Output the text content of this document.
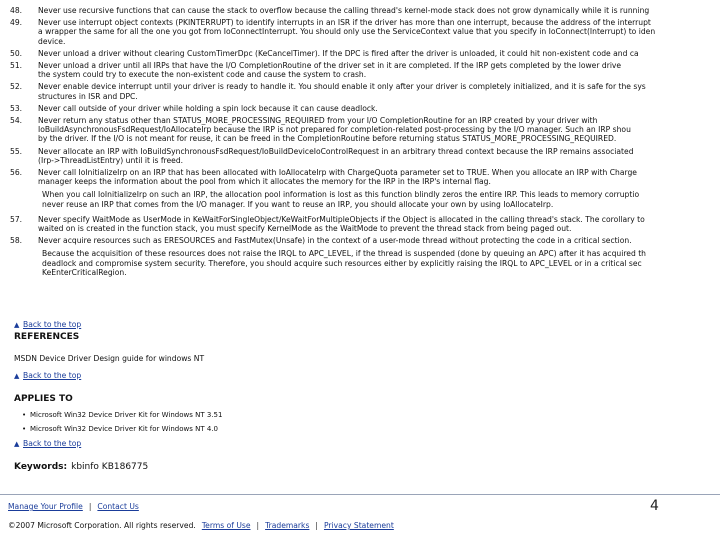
48.	Never use recursive functions that can cause the stack to overflow because the calling thread's kernel-mode stack does not grow dynamically while it is running
49.	Never use interrupt object contexts (PKINTERRUPT) to identify interrupts in an ISR if the driver has more than one interrupt, because the address of the interrupt
a wrapper the same for all the one you got from IoConnectInterrupt. You should only use the ServiceContext value that you specify in IoConnect(Interrupt) to iden
device.
50.	Never unload a driver without clearing CustomTimerDpc (KeCancelTimer). If the DPC is fired after the driver is unloaded, it could hit non-existent code and ca
51.	Never unload a driver until all IRPs that have the I/O CompletionRoutine of the driver set in it are completed. If the IRP gets completed by the lower drive
the system could try to execute the non-existent code and cause the system to crash.
52.	Never enable device interrupt until your driver is ready to handle it. You should enable it only after your driver is completely initialized, and it is safe for the sys
structures in ISR and DPC.
53.	Never call outside of your driver while holding a spin lock because it can cause deadlock.
54.	Never return any status other than STATUS_MORE_PROCESSING_REQUIRED from your I/O CompletionRoutine for an IRP created by your driver with
IoBuildAsynchronousFsdRequest/IoAllocateIrp because the IRP is not prepared for completion-related post-processing by the I/O manager. Such an IRP shou
by the driver. If the I/O is not meant for reuse, it can be freed in the CompletionRoutine before returning status STATUS_MORE_PROCESSING_REQUIRED.
55.	Never allocate an IRP with IoBuildSynchronousFsdRequest/IoBuildDeviceIoControlRequest in an arbitrary thread context because the IRP remains associated
(Irp->ThreadListEntry) until it is freed.
56.	Never call IoInitializeIrp on an IRP that has been allocated with IoAllocateIrp with ChargeQuota parameter set to TRUE. When you allocate an IRP with Charge
manager keeps the information about the pool from which it allocates the memory for the IRP in the IRP's internal flag.
When you call IoInitializeIrp on such an IRP, the allocation pool information is lost as this function blindly zeros the entire IRP. This leads to memory corruptio
never reuse an IRP that comes from the I/O manager. If you want to reuse an IRP, you should allocate your own by using IoAllocateIrp.
57.	Never specify WaitMode as UserMode in KeWaitForSingleObject/KeWaitForMultipleObjects if the Object is allocated in the calling thread's stack. The corollary to
waited on is created in the function stack, you must specify KernelMode as the WaitMode to prevent the thread stack from being paged out.
58.	Never acquire resources such as ERESOURCES and FastMutex(Unsafe) in the context of a user-mode thread without protecting the code in a critical section.
Because the acquisition of these resources does not raise the IRQL to APC_LEVEL, if the thread is suspended (done by queuing an APC) after it has acquired th
deadlock and compromise system security. Therefore, you should acquire such resources either by explicitly raising the IRQL to APC_LEVEL or in a critical sec
KeEnterCriticalRegion.
▲ Back to the top
REFERENCES
MSDN Device Driver Design guide for windows NT
▲ Back to the top
APPLIES TO
• Microsoft Win32 Device Driver Kit for Windows NT 3.51
• Microsoft Win32 Device Driver Kit for Windows NT 4.0
▲ Back to the top
Keywords: kbinfo KB186775
Manage Your Profile | Contact Us
©2007 Microsoft Corporation. All rights reserved. Terms of Use | Trademarks | Privacy Statement
4
